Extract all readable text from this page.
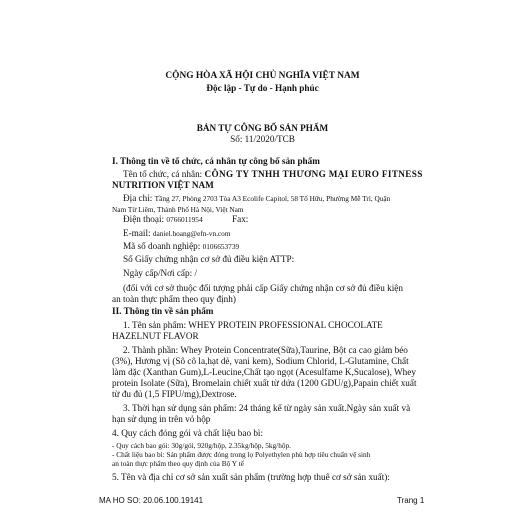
CỘNG HÒA XÃ HỘI CHỦ NGHĨA VIỆT NAM
Độc lập - Tự do - Hạnh phúc
BẢN TỰ CÔNG BỐ SẢN PHẨM
Số: 11/2020/TCB
I. Thông tin về tổ chức, cá nhân tự công bố sản phẩm
Tên tổ chức, cá nhân: CÔNG TY TNHH THƯƠNG MẠI EURO FITNESS
NUTRITION VIỆT NAM
Địa chỉ: Tầng 27, Phòng 2703 Tòa A3 Ecolife Capitol, 58 Tố Hữu, Phường Mễ Trì, Quận
Nam Từ Liêm, Thành Phố Hà Nội, Việt Nam
Điện thoại: 0766011954	Fax:
E-mail: daniel.hoang@efn-vn.com
Mã số doanh nghiệp: 0106653739
Số Giấy chứng nhận cơ sở đủ điều kiện ATTP:
Ngày cấp/Nơi cấp: /
(đối với cơ sở thuộc đối tượng phải cấp Giấy chứng nhận cơ sở đủ điều kiện
an toàn thực phẩm theo quy định)
II. Thông tin về sản phẩm
1. Tên sản phẩm: WHEY PROTEIN PROFESSIONAL CHOCOLATE
HAZELNUT FLAVOR
2. Thành phần: Whey Protein Concentrate(Sữa),Taurine, Bột ca cao giảm béo
(3%), Hương vị (Sô cô la,hạt dẻ, vani kem), Sodium Chlorid, L-Glutamine, Chất
làm dặc (Xanthan Gum),L-Leucine,Chất tạo ngọt (Acesulfame K,Sucalose), Whey
protein Isolate (Sữa), Bromelain chiết xuất từ dứa (1200 GDU/g),Papain chiết xuất
từ đu đủ (1,5 FIPU/mg),Dextrose.
3. Thời hạn sử dụng sản phẩm: 24 tháng kể từ ngày sản xuất.Ngày sản xuất và
hạn sử dụng in trên vỏ hộp
4. Quy cách đóng gói và chất liệu bao bì:
- Quy cách bao gói: 30g/gói, 920g/hộp, 2.35kg/hộp, 5kg/hộp.
- Chất liệu bao bì: Sản phẩm được đóng trong lọ Polyethylen phù hợp tiêu chuẩn vệ sinh
an toàn thực phẩm theo quy định của Bộ Y tế
5. Tên và địa chỉ cơ sở sản xuất sản phẩm (trường hợp thuê cơ sở sản xuất):
MA HO SO: 20.06.100.19141	Trang 1
